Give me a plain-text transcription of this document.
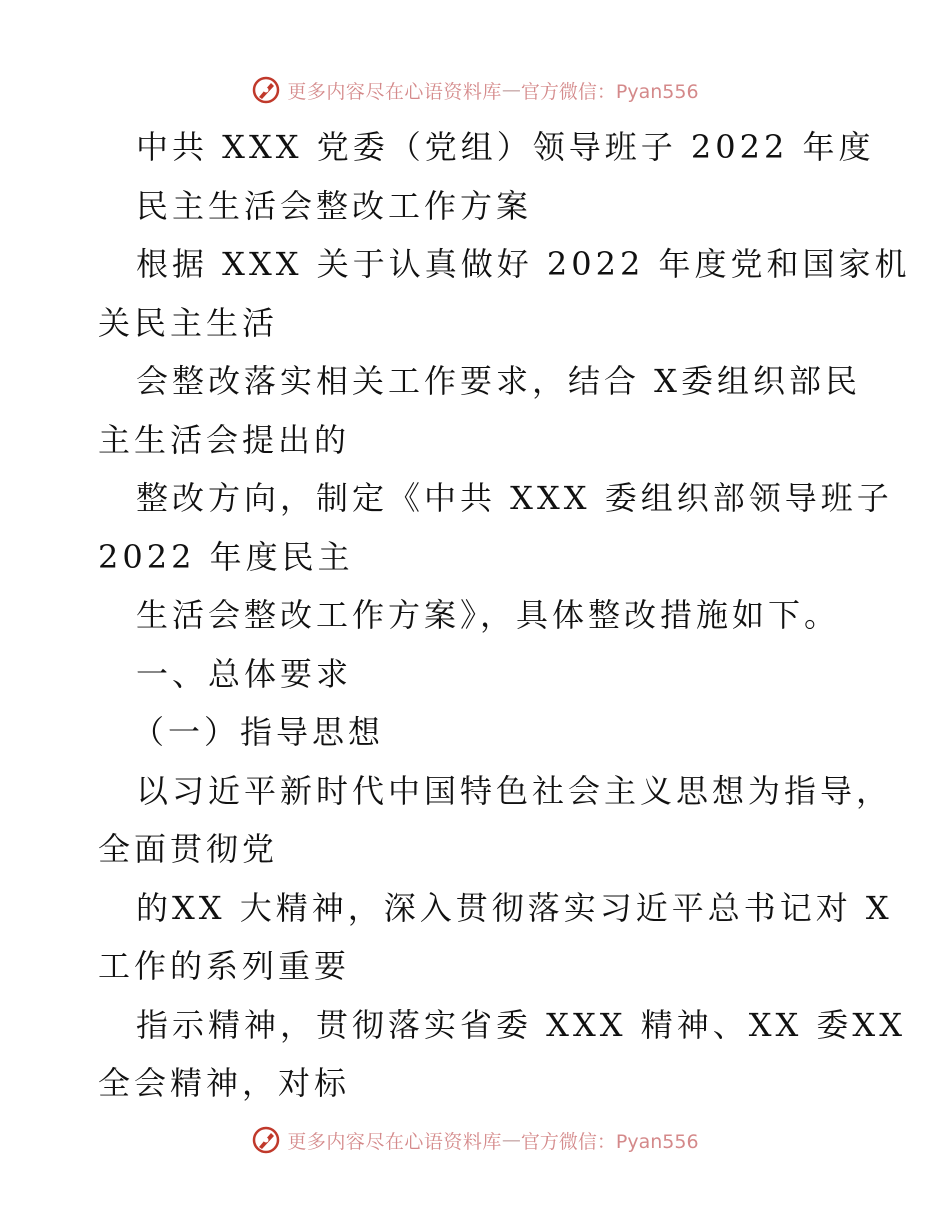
更多内容尽在心语资料库 — 官方微信：Pyan556
中共 XXX 党委（党组）领导班子 2022 年度
民主生活会整改工作方案
根据 XXX 关于认真做好 2022 年度党和国家机
关民主生活
会整改落实相关工作要求，结合 X委组织部民
主生活会提出的
整改方向，制定《中共 XXX 委组织部领导班子
2022 年度民主
生活会整改工作方案》，具体整改措施如下。
一、总体要求
（一）指导思想
以习近平新时代中国特色社会主义思想为指导，
全面贯彻党
的XX 大精神，深入贯彻落实习近平总书记对 X
工作的系列重要
指示精神，贯彻落实省委 XXX 精神、XX 委XX
全会精神，对标
更多内容尽在心语资料库 — 官方微信：Pyan556
